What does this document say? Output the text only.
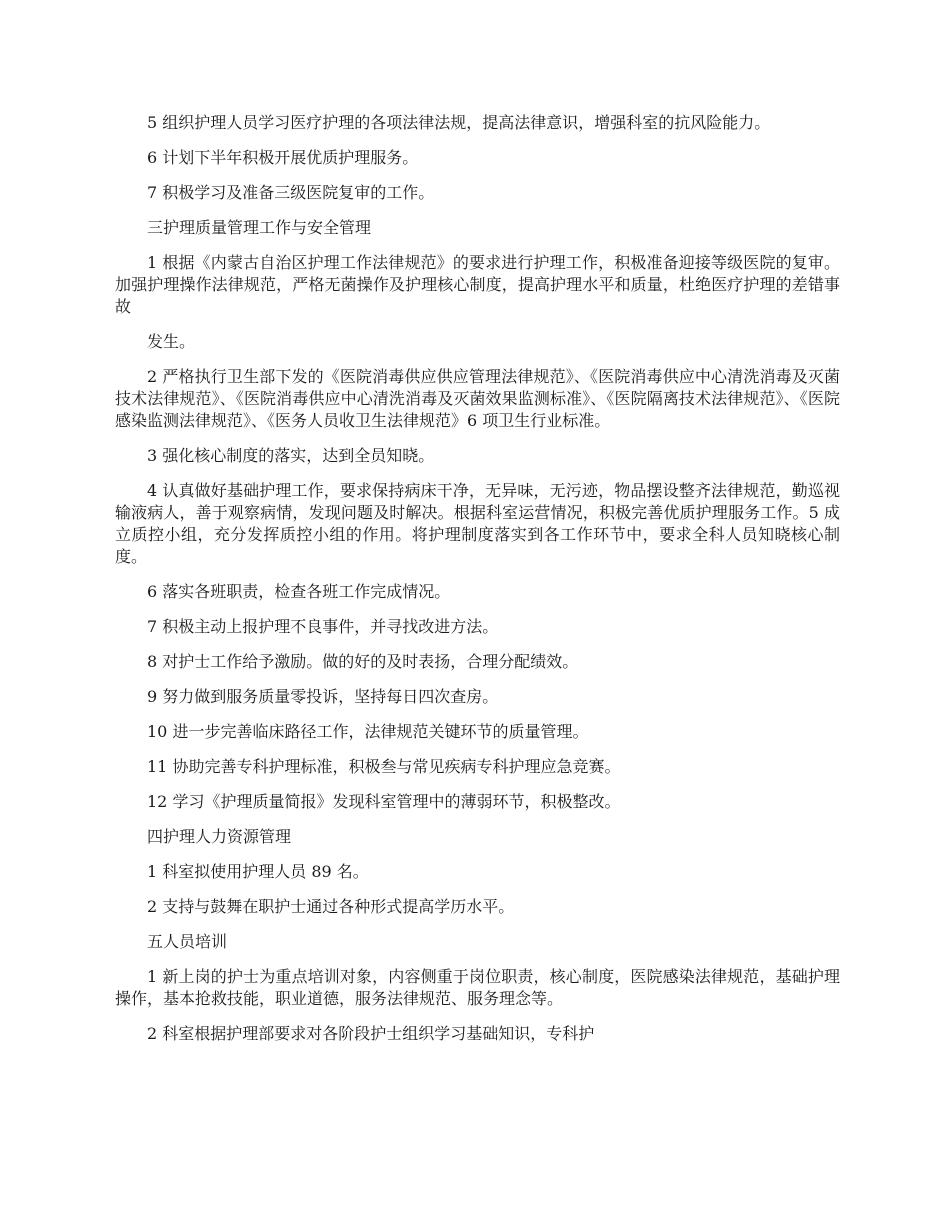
5 组织护理人员学习医疗护理的各项法律法规，提高法律意识，增强科室的抗风险能力。

6 计划下半年积极开展优质护理服务。

7 积极学习及准备三级医院复审的工作。

三护理质量管理工作与安全管理

1 根据《内蒙古自治区护理工作法律规范》的要求进行护理工作，积极准备迎接等级医院的复审。加强护理操作法律规范，严格无菌操作及护理核心制度，提高护理水平和质量，杜绝医疗护理的差错事故

发生。

2 严格执行卫生部下发的《医院消毒供应供应管理法律规范》、《医院消毒供应中心清洗消毒及灭菌技术法律规范》、《医院消毒供应中心清洗消毒及灭菌效果监测标准》、《医院隔离技术法律规范》、《医院感染监测法律规范》、《医务人员收卫生法律规范》6 项卫生行业标准。

3 强化核心制度的落实，达到全员知晓。

4 认真做好基础护理工作，要求保持病床干净，无异味，无污迹，物品摆设整齐法律规范，勤巡视输液病人，善于观察病情，发现问题及时解决。根据科室运营情况，积极完善优质护理服务工作。5 成立质控小组，充分发挥质控小组的作用。将护理制度落实到各工作环节中，要求全科人员知晓核心制度。

6 落实各班职责，检查各班工作完成情况。

7 积极主动上报护理不良事件，并寻找改进方法。

8 对护士工作给予激励。做的好的及时表扬，合理分配绩效。

9 努力做到服务质量零投诉，坚持每日四次查房。

10 进一步完善临床路径工作，法律规范关键环节的质量管理。

11 协助完善专科护理标准，积极叁与常见疾病专科护理应急竞赛。

12 学习《护理质量简报》发现科室管理中的薄弱环节，积极整改。

四护理人力资源管理

1 科室拟使用护理人员 89 名。

2 支持与鼓舞在职护士通过各种形式提高学历水平。

五人员培训

1 新上岗的护士为重点培训对象，内容侧重于岗位职责，核心制度，医院感染法律规范，基础护理操作，基本抢救技能，职业道德，服务法律规范、服务理念等。

2 科室根据护理部要求对各阶段护士组织学习基础知识，专科护
